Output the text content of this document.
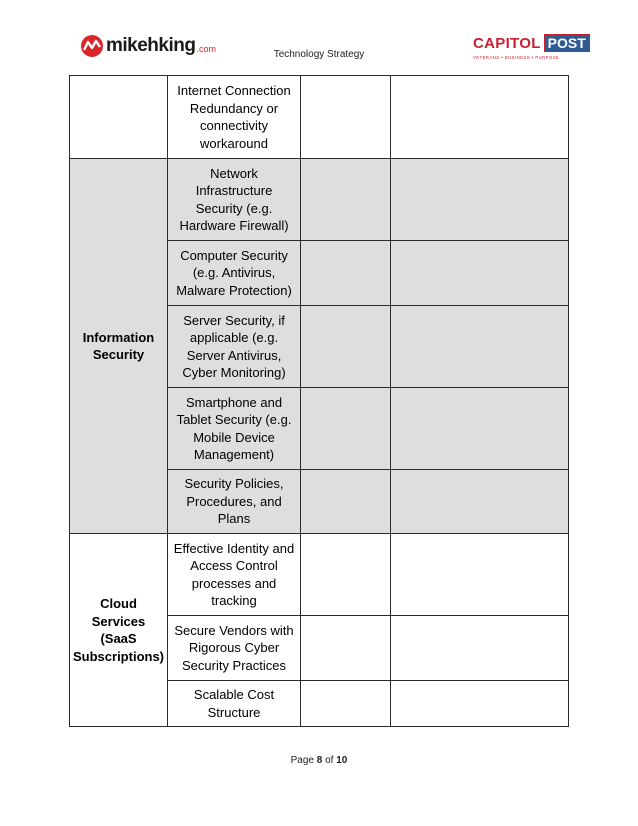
mikehking .com	Technology Strategy
CAPITOL POST
VETERANS • BUSINESS • PURPOSE

	Internet Connection Redundancy or connectivity workaround		

Information Security	Network Infrastructure Security (e.g. Hardware Firewall)		

	Computer Security (e.g. Antivirus, Malware Protection)		

	Server Security, if applicable (e.g. Server Antivirus, Cyber Monitoring)		

	Smartphone and Tablet Security (e.g. Mobile Device Management)		

	Security Policies, Procedures, and Plans		

Cloud Services (SaaS Subscriptions)	Effective Identity and Access Control processes and tracking		

	Secure Vendors with Rigorous Cyber Security Practices		

	Scalable Cost Structure		

Page 8 of 10
